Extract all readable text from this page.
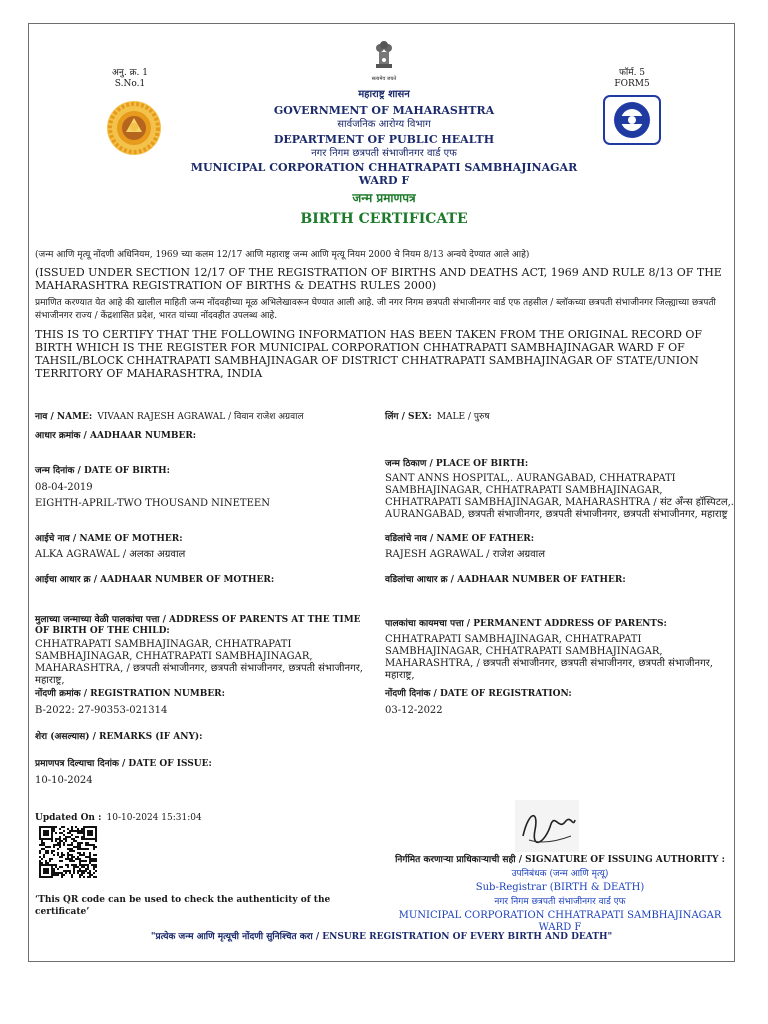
अनु. क्र. 1
S.No.1	सत्यमेव जयते
फॉर्म. 5
FORM5
महाराष्ट्र शासन
GOVERNMENT OF MAHARASHTRA
सार्वजनिक आरोग्य विभाग
DEPARTMENT OF PUBLIC HEALTH
नगर निगम छत्रपती संभाजीनगर वार्ड एफ
MUNICIPAL CORPORATION CHHATRAPATI SAMBHAJINAGAR
WARD F
जन्म प्रमाणपत्र
BIRTH CERTIFICATE
(जन्म आणि मृत्यू नोंदणी अधिनियम, 1969 च्या कलम 12/17 आणि महाराष्ट्र जन्म आणि मृत्यू नियम 2000 चे नियम 8/13 अन्वये देण्यात आले आहे)
(ISSUED UNDER SECTION 12/17 OF THE REGISTRATION OF BIRTHS AND DEATHS ACT, 1969 AND RULE 8/13 OF THE MAHARASHTRA REGISTRATION OF BIRTHS & DEATHS RULES 2000)
प्रमाणित करण्यात येत आहे की खालील माहिती जन्म नोंदवहीच्या मूळ अभिलेखावरून घेण्यात आली आहे. जी नगर निगम छत्रपती संभाजीनगर वार्ड एफ तहसील / ब्लॉकच्या छत्रपती संभाजीनगर जिल्ह्याच्या छत्रपती संभाजीनगर राज्य / केंद्रशासित प्रदेश, भारत यांच्या नोंदवहीत उपलब्ध आहे.
THIS IS TO CERTIFY THAT THE FOLLOWING INFORMATION HAS BEEN TAKEN FROM THE ORIGINAL RECORD OF BIRTH WHICH IS THE REGISTER FOR MUNICIPAL CORPORATION CHHATRAPATI SAMBHAJINAGAR WARD F OF TAHSIL/BLOCK CHHATRAPATI SAMBHAJINAGAR OF DISTRICT CHHATRAPATI SAMBHAJINAGAR OF STATE/UNION TERRITORY OF MAHARASHTRA, INDIA
नाव / NAME: VIVAAN RAJESH AGRAWAL / विवान राजेश अग्रवाल	लिंग / SEX: MALE / पुरुष
आधार क्रमांक / AADHAAR NUMBER:
जन्म दिनांक / DATE OF BIRTH:
08-04-2019
EIGHTH-APRIL-TWO THOUSAND NINETEEN
जन्म ठिकाण / PLACE OF BIRTH:
SANT ANNS HOSPITAL,. AURANGABAD, CHHATRAPATI SAMBHAJINAGAR, CHHATRAPATI SAMBHAJINAGAR, CHHATRAPATI SAMBHAJINAGAR, MAHARASHTRA / संट अँन्स हॉस्पिटल,. AURANGABAD, छत्रपती संभाजीनगर, छत्रपती संभाजीनगर, छत्रपती संभाजीनगर, महाराष्ट्र
आईचे नाव / NAME OF MOTHER:
ALKA AGRAWAL / अलका अग्रवाल
वडिलांचे नाव / NAME OF FATHER:
RAJESH AGRAWAL / राजेश अग्रवाल
आईचा आधार क्र / AADHAAR NUMBER OF MOTHER:	वडिलांचा आधार क्र / AADHAAR NUMBER OF FATHER:
मुलाच्या जन्माच्या वेळी पालकांचा पत्ता / ADDRESS OF PARENTS AT THE TIME OF BIRTH OF THE CHILD:
CHHATRAPATI SAMBHAJINAGAR, CHHATRAPATI SAMBHAJINAGAR, CHHATRAPATI SAMBHAJINAGAR, MAHARASHTRA, / छत्रपती संभाजीनगर, छत्रपती संभाजीनगर, छत्रपती संभाजीनगर, महाराष्ट्र,
पालकांचा कायमचा पत्ता / PERMANENT ADDRESS OF PARENTS:
CHHATRAPATI SAMBHAJINAGAR, CHHATRAPATI SAMBHAJINAGAR, CHHATRAPATI SAMBHAJINAGAR, MAHARASHTRA, / छत्रपती संभाजीनगर, छत्रपती संभाजीनगर, छत्रपती संभाजीनगर, महाराष्ट्र,
नोंदणी क्रमांक / REGISTRATION NUMBER:
B-2022: 27-90353-021314
नोंदणी दिनांक / DATE OF REGISTRATION:
03-12-2022
शेरा (असल्यास) / REMARKS (IF ANY):
प्रमाणपत्र दिल्याचा दिनांक / DATE OF ISSUE:
10-10-2024
Updated On : 10-10-2024 15:31:04
‘This QR code can be used to check the authenticity of the certificate’
निर्गमित करणाऱ्या प्राधिकाऱ्याची सही / SIGNATURE OF ISSUING AUTHORITY :
उपनिबंधक (जन्म आणि मृत्यू)
Sub-Registrar (BIRTH & DEATH)
नगर निगम छत्रपती संभाजीनगर वार्ड एफ
MUNICIPAL CORPORATION CHHATRAPATI SAMBHAJINAGAR WARD F
"प्रत्येक जन्म आणि मृत्यूची नोंदणी सुनिश्चित करा / ENSURE REGISTRATION OF EVERY BIRTH AND DEATH"
